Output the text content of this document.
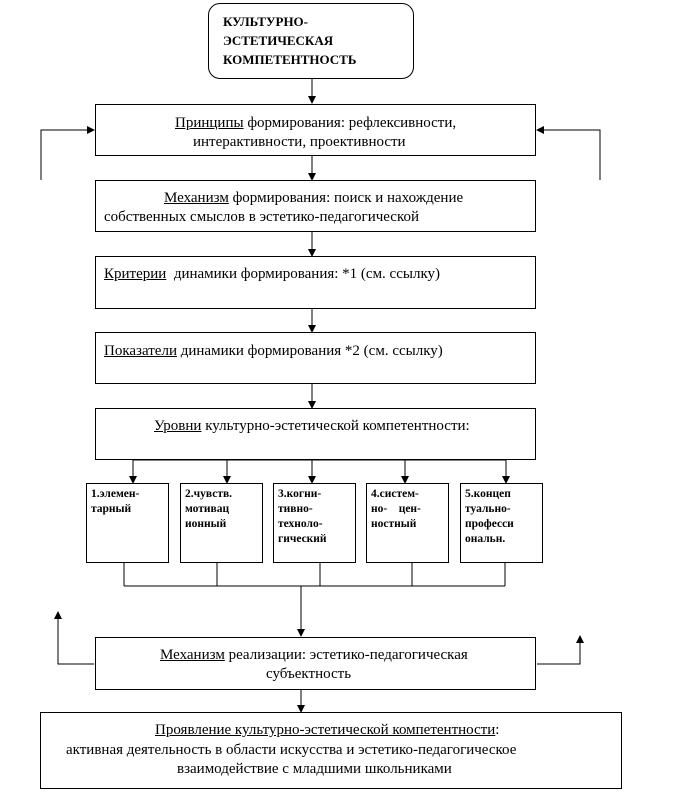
КУЛЬТУРНО-
ЭСТЕТИЧЕСКАЯ
КОМПЕТЕНТНОСТЬ
Принципы формирования: рефлексивности,
интерактивности, проективности
Механизм формирования: поиск и нахождение
собственных смыслов в эстетико-педагогической
Критерии  динамики формирования: *1 (см. ссылку)
Показатели динамики формирования *2 (см. ссылку)
Уровни культурно-эстетической компетентности:
1.элемен-
тарный
2.чувств.
мотивац
ионный
3.когни-
тивно-
техноло-
гический
4.систем-
но-    цен-
ностный
5.концеп
туально-
професси
ональн.
Механизм реализации: эстетико-педагогическая
субъектность
Проявление культурно-эстетической компетентности:
активная деятельность в области искусства и эстетико-педагогическое
взаимодействие с младшими школьниками
